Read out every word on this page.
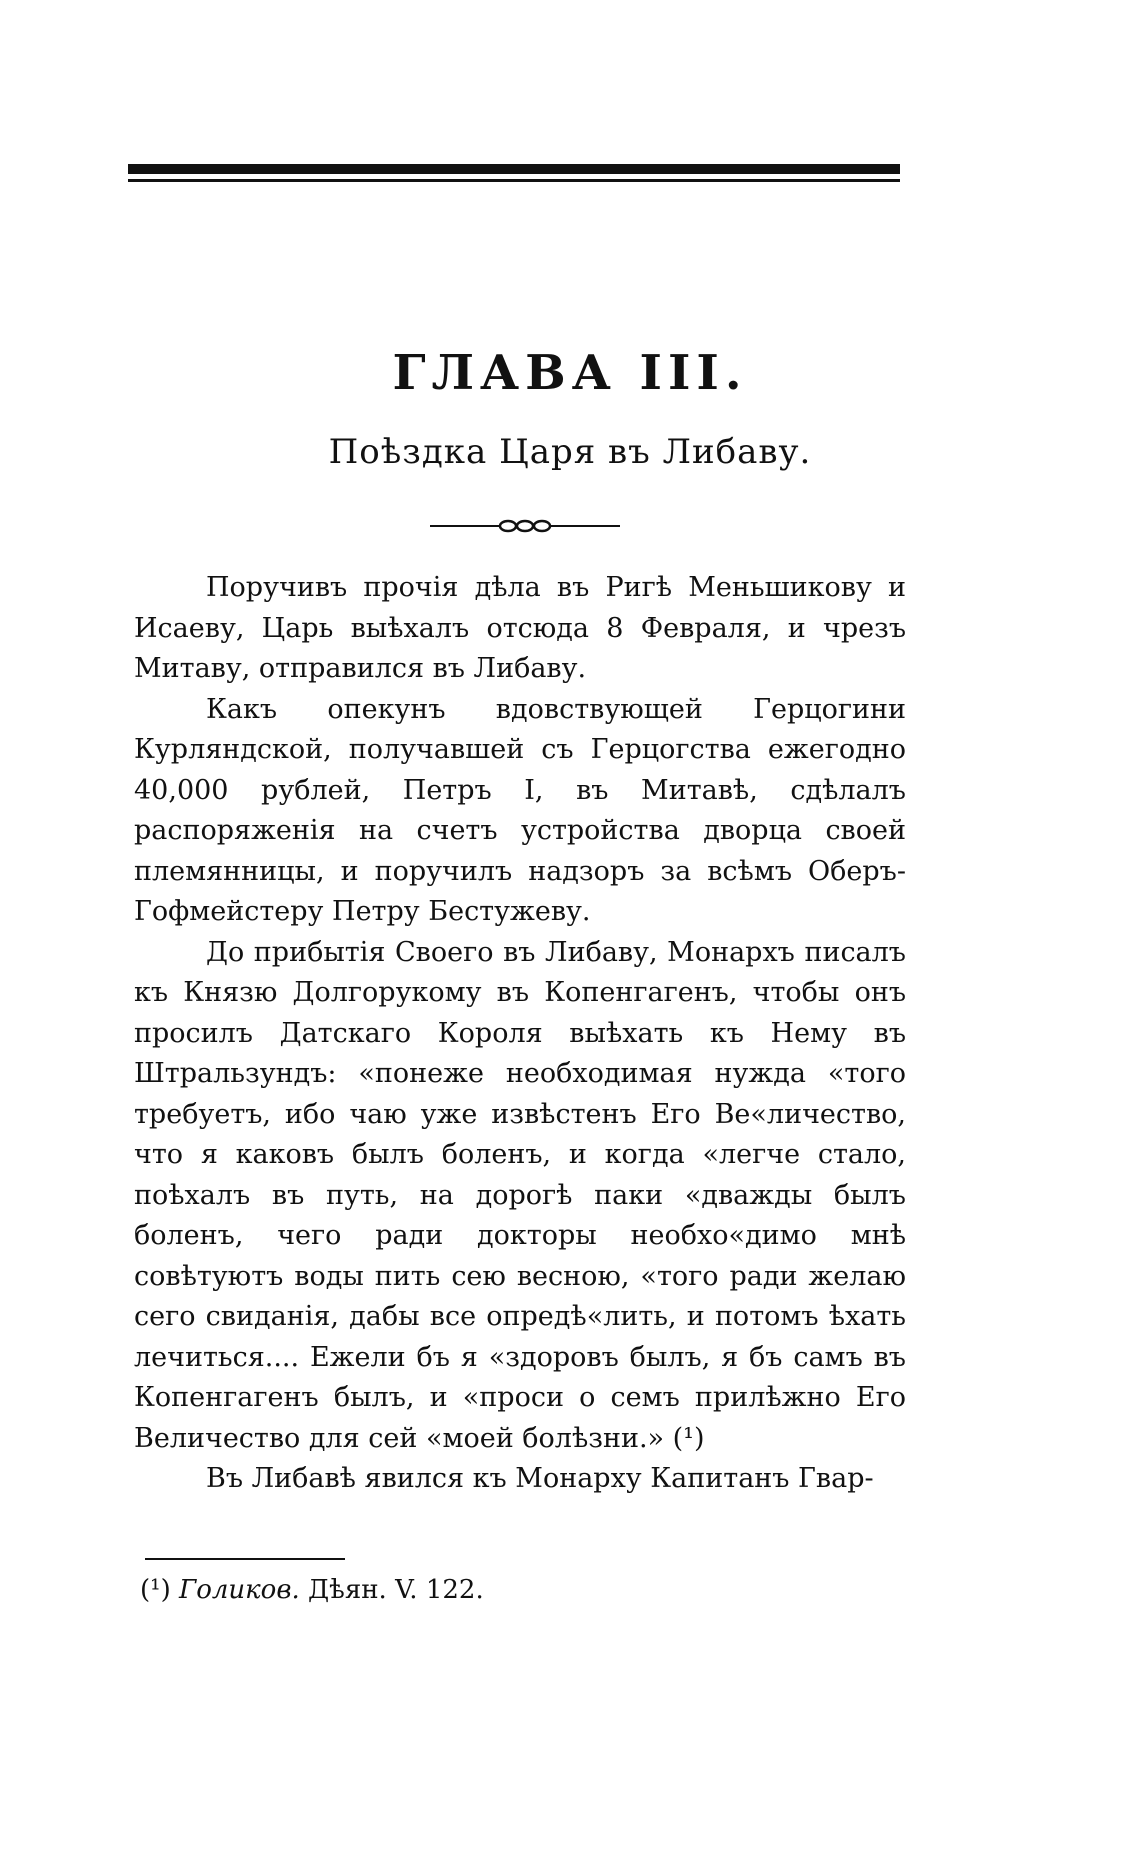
ГЛАВА III.
Поѣздка Царя въ Либаву.

Поручивъ прочія дѣла въ Ригѣ Меньшикову и Исаеву, Царь выѣхалъ отсюда 8 Февраля, и чрезъ Митаву, отправился въ Либаву.

Какъ опекунъ вдовствующей Герцогини Курляндской, получавшей съ Герцогства ежегодно 40,000 рублей, Петръ I, въ Митавѣ, сдѣлалъ распоряженія на счетъ устройства дворца своей племянницы, и поручилъ надзоръ за всѣмъ Оберъ-Гофмейстеру Петру Бестужеву.

До прибытія Своего въ Либаву, Монархъ писалъ къ Князю Долгорукому въ Копенгагенъ, чтобы онъ просилъ Датскаго Короля выѣхать къ Нему въ Штральзундъ: «понеже необходимая нужда «того требуетъ, ибо чаю уже извѣстенъ Его Ве«личество, что я каковъ былъ боленъ, и когда «легче стало, поѣхалъ въ путь, на дорогѣ паки «дважды былъ боленъ, чего ради докторы необхо«димо мнѣ совѣтуютъ воды пить сею весною, «того ради желаю сего свиданія, дабы все опредѣ«лить, и потомъ ѣхать лечиться.... Ежели бъ я «здоровъ былъ, я бъ самъ въ Копенгагенъ былъ, и «проси о семъ прилѣжно Его Величество для сей «моей болѣзни.» (¹)

Въ Либавѣ явился къ Монарху Капитанъ Гвар-

(¹) Голиков. Дѣян. V. 122.
